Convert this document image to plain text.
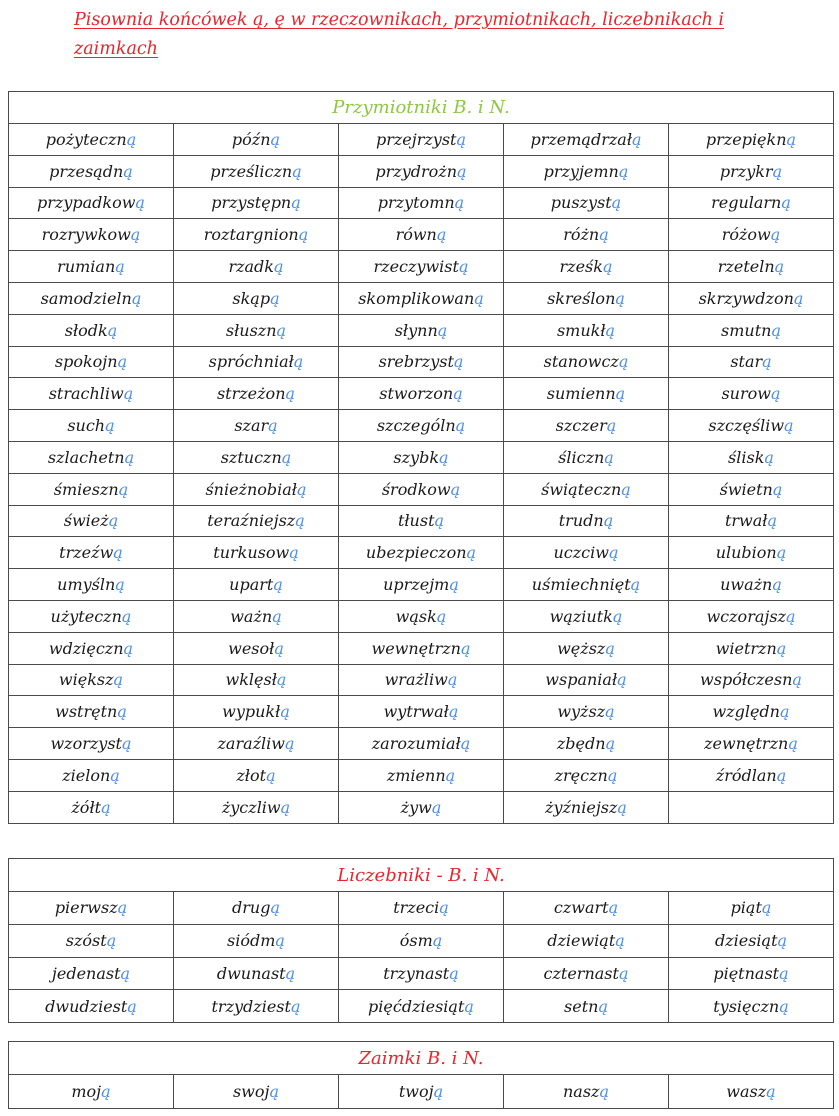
Pisownia końcówek ą, ę w rzeczownikach, przymiotnikach, liczebnikach i zaimkach
Przymiotniki B. i N.				
pożyteczną	późną	przejrzystą	przemądrzałą	przepiękną
przesądną	prześliczną	przydrożną	przyjemną	przykrą
przypadkową	przystępną	przytomną	puszystą	regularną
rozrywkową	roztargnioną	równą	różną	różową
rumianą	rzadką	rzeczywistą	rześką	rzetelną
samodzielną	skąpą	skomplikowaną	skreśloną	skrzywdzoną
słodką	słuszną	słynną	smukłą	smutną
spokojną	spróchniałą	srebrzystą	stanowczą	starą
strachliwą	strzeżoną	stworzoną	sumienną	surową
suchą	szarą	szczególną	szczerą	szczęśliwą
szlachetną	sztuczną	szybką	śliczną	śliską
śmieszną	śnieżnobiałą	środkową	świąteczną	świetną
świeżą	teraźniejszą	tłustą	trudną	trwałą
trzeźwą	turkusową	ubezpieczoną	uczciwą	ulubioną
umyślną	upartą	uprzejmą	uśmiechniętą	uważną
użyteczną	ważną	wąską	wąziutką	wczorajszą
wdzięczną	wesołą	wewnętrzną	węższą	wietrzną
większą	wklęsłą	wrażliwą	wspaniałą	współczesną
wstrętną	wypukłą	wytrwałą	wyższą	względną
wzorzystą	zaraźliwą	zarozumiałą	zbędną	zewnętrzną
zieloną	złotą	zmienną	zręczną	źródlaną
żółtą	życzliwą	żywą	żyźniejszą	
Liczebniki - B. i N.				
pierwszą	drugą	trzecią	czwartą	piątą
szóstą	siódmą	ósmą	dziewiątą	dziesiątą
jedenastą	dwunastą	trzynastą	czternastą	piętnastą
dwudziestą	trzydziestą	pięćdziesiątą	setną	tysięczną
Zaimki B. i N.
moją	swoją	twoją	naszą	waszą
